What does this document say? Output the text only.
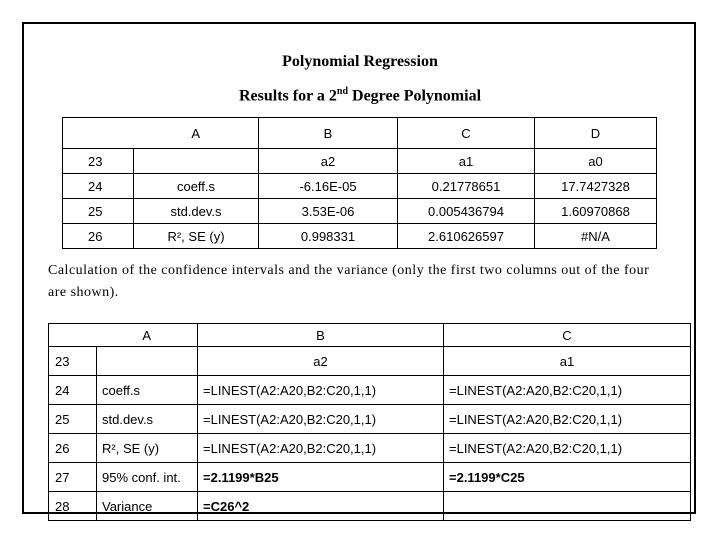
Polynomial Regression
Results for a 2nd Degree Polynomial
	A	B	C	D
23		a2	a1	a0
24	coeff.s	-6.16E-05	0.21778651	17.7427328
25	std.dev.s	3.53E-06	0.005436794	1.60970868
26	R², SE (y)	0.998331	2.610626597	#N/A
Calculation of the confidence intervals and the variance (only the first two columns out of the four are shown).
	A	B	C
23		a2	a1
24	coeff.s	=LINEST(A2:A20,B2:C20,1,1)	=LINEST(A2:A20,B2:C20,1,1)
25	std.dev.s	=LINEST(A2:A20,B2:C20,1,1)	=LINEST(A2:A20,B2:C20,1,1)
26	R², SE (y)	=LINEST(A2:A20,B2:C20,1,1)	=LINEST(A2:A20,B2:C20,1,1)
27	95% conf. int.	=2.1199*B25	=2.1199*C25
28	Variance	=C26^2	
